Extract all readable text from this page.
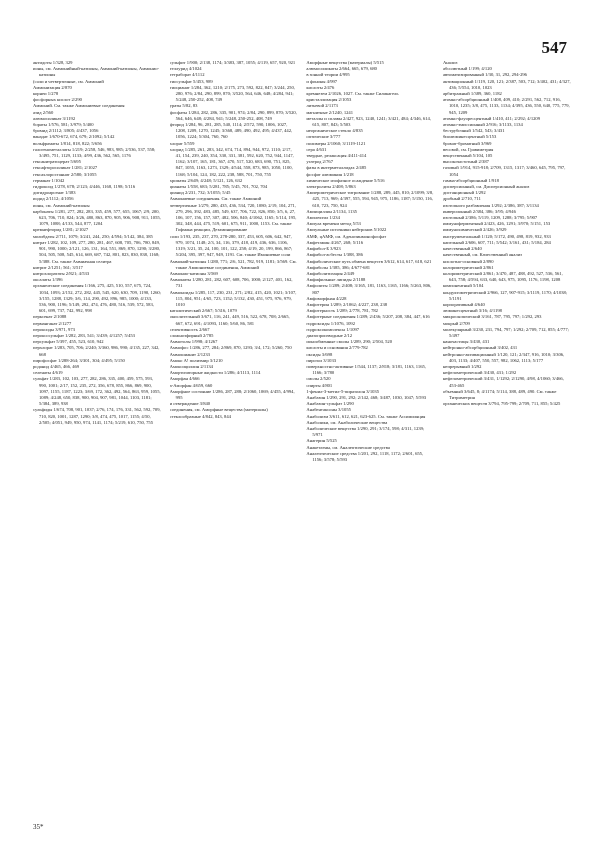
547

антидоты 1/328, 329

ионы, см. Аммонийный-катионы, Аммоний-катионы, Аммонио-катионы

(соли и четвертичные, см. Аммоний

Аммонизация 2/870

корнеи 1/278

фосфорных кислот 2/290

Аммоний. См. также Аммониевые соединения

азид 2/560

алюмосиликат 3/1192

бораты 1/576, 581; 3/979; 5/400

бромид 2/1112; 3/805; 4/437, 1056

ванадат 1/670-672, 674, 679; 2/1092; 5/142

вольфраматы 1/814, 818, 822; 5/656

галогенометаллаты 1/219; 2/258, 546, 983, 985; 2/536, 537, 558; 3/495, 751, 1129, 1133; 4/99, 436, 562, 565, 1176

гексанитратоцерат 5/695

гексафторосиликат 1/281; 2/1027

гексахлоростаннат 2/580; 3/1055

германат 1/1042

гидроксид 1/278, 678; 2/123; 4/446, 1168, 1198; 5/116

дигидроарсенат 1/383

иодид 2/1112; 4/1056

ионы, см. Аммоний-катионы

карбонаты 1/281, 277, 282, 283, 335, 459, 577, 655, 1067; 2/9, 200, 623, 706, 710, 824; 3/26, 480, 863, 870, 905, 906, 908, 911, 1055, 1079, 1088; 4/133, 544, 877, 1204

кремнефторид 1/281; 2/1027

молибдаты 2/711, 1079; 3/241, 244, 250; 4/594; 5/142, 384, 385

нитрат 1/282, 102, 109, 277, 280, 281, 467, 608, 705, 706, 780, 849, 901, 990, 1000; 2/121, 126, 131, 164, 551, 869, 870, 1290; 3/280, 504, 505, 508, 545, 614, 669, 687, 742, 801, 823, 830, 838, 1168; 5/388. См. также Аммиачная селитра

нитрит 2/1251; 561; 3/517

нитрохлорататы 2/821; 4/533

оксалаты 1/396

органические соединения 1/166, 275, 425, 510, 557, 675, 724, 1034, 1093; 2/152, 272, 282, 445, 545, 620, 630, 709, 1190, 1260; 3/155, 1288, 1329; 3/6, 114, 290, 492, 896, 985, 1000; 4/133, 536, 900, 1196; 5/149, 292, 474, 476, 480, 516, 539, 572, 583, 601, 699, 737, 742, 992, 998

перксенат 2/1088

перманганат 2/1277

пероксиды 3/971, 973

пероксосульфат 1/282, 283, 541; 3/439; 4/1257; 5/453

персульфат 5/397, 455, 523, 610, 942

перхлорат 1/283, 705, 706; 2/240; 3/360, 986, 990; 4/135, 227, 342, 668

пирофосфат 1/288-264; 3/301, 304; 4/495; 5/150

роданид 4/465, 466, 469

селенаты 4/619

сульфат 1/283, 102, 103, 277, 282, 286, 335, 400, 459, 575, 593, 990, 1001; 2/17, 152, 235, 272, 356, 678, 855, 866, 869, 900, 1097, 1155, 1187, 1223; 3/69, 172, 362, 492, 564, 863, 959, 1055, 1089; 4/248, 650, 838, 900, 904, 907, 981, 1044, 1103, 1181; 5/384, 389, 938

сульфиды 1/674, 708, 901, 1037; 2/76, 174, 176, 331, 562, 592, 709, 710, 820, 1001, 1287, 1290; 3/8, 474, 475, 1017, 1155; 4/50, 2/505; 4/051, 949, 950, 974, 1141, 1174; 5/219, 610, 750, 755

сульфит 1/900; 2/138, 1174; 3/383, 387, 1055; 4/119, 657, 920, 921

теллурид 4/1024

тетраборат 4/1112

тиосульфат 5/453, 989

тиоцианат 1/284, 362, 1210; 2/175, 273, 592, 822, 847; 3/244, 250, 280, 976; 2/84, 290, 899, 870; 3/520, 564, 646, 648; 4/284, 941; 5/248, 250-252, 408, 749

ураты 5/82, 83

фосфаты 1/284, 282, 286, 335, 901, 974; 2/84, 290, 899, 870; 3/520, 564, 646, 648; 4/284, 941; 5/248, 250-252, 408, 749

фторид 1/284, 96, 281, 285, 540, 1114; 2/572, 590, 1006, 1027, 1208, 1209, 1270, 1245; 3/368, 489, 490, 492, 495; 4/437, 442, 1056, 1224; 5/304, 760, 760

хлорат 5/559

хлорид 1/285, 261, 283, 342, 674, 714, 894, 944, 972, 1110; 2/17, 41, 154, 239, 240, 354, 330, 331, 381, 592, 620, 752, 944, 1147, 1162; 3/107, 165, 181, 367, 470, 517, 520, 683, 690, 751, 825, 847, 1055, 1163, 1273, 1329; 4/544, 558, 873, 985, 1050, 1100, 1168; 5/104, 124, 182, 222, 238, 588, 701, 750, 755

хроматы 2/649; 4/248; 5/121, 126, 632

цианаты 1/558, 683; 5/281, 785; 5/45, 701, 702, 704

цианид 2/231, 732; 3/1055; 5/45

Аммониевые соединения. См. также Аммоний

четвертичные 1/279, 280, 435, 436, 534, 720, 1080; 2/19, 104, 271, 279, 296, 392, 483, 485, 549, 637, 706, 722, 826, 850; 3/5, 6, 27, 106, 107, 156, 157, 307, 482, 506, 840; 4/1062, 1165; 5/114, 195, 302, 348, 444, 475, 519, 601, 675, 911, 1000, 1153. См. также Гофмана реакции, Дезаминирование

соли 1/193, 235, 237, 270, 278-280, 337, 453, 605, 606, 642, 947, 979, 1074, 1148; 2/3, 34, 116, 379, 418, 419, 436, 636, 1106, 1319; 3/21, 35, 24, 100, 101, 122, 258; 4/19, 20, 199, 866, 867; 5/204, 395, 397, 947, 949, 1191. См. также Имониевые соли

Аммоний-катионы 1/280, 771; 2/6, 521, 782, 919, 1181; 3/569. См. также Аммониевые соединения, Аммоний

Аммонио-катионы 3/569

Аммониты 1/280, 281, 282, 607, 608, 706, 1000; 2/127, 401, 162, 731

Аммоноиды 1/285, 117, 230, 231, 271; 2/82, 415, 420, 1021; 3/107, 115, 804, 951; 4/65, 723, 1152; 5/132, 430, 451, 975, 976, 979, 1010

каталитический 2/667; 5/316, 1079

окислительный 3/671, 116, 241, 449, 516, 522, 678, 708; 2/665, 667, 672, 691; 4/1093, 1160; 5/60, 86, 581

селективность 2/667

сложноэфирный 2/785

Аммотолы 1/998; 4/1267

Аммофос 1/286, 277, 284; 2/869, 870, 1293; 3/4, 172; 5/260, 750

Аммошианит 2/1233

Амоко А! полиэмир 3/1210

Амоксициллин 2/1134

Амортизаторные жидкости 1/286; 4/1113, 1114

Аморфан 4/666

а-Аморфан 4/659, 660

Аморфное состояние 1/286, 287, 288; 2/1060, 1069; 4/455, 4/994, 995

и отверждение 3/840

соединения, см. Аморфные вещества (материалы)

стеклообразные 4/842, 843, 844

Аморфные вещества (материалы) 5/515

алюмосиликаты 2/664, 665, 679, 680

в зонной теории 4/995

и фононы 4/997

кислоты 2/476

кремнезем 2/1026, 1027. См. также Силикагель

кристаллизация 2/1053

литьевой 2/1173

магнитные 2/1240, 1241

металлы и сплавы 2/427, 923, 1240, 1241; 3/421, 484; 4/346, 614, 615, 807, 843; 5/503

неорганическое стекло 4/835

оптические 3/777

полимеры 2/1060; 3/1119-1121

сера 4/631

твердые, релаксация 4/411-414

углерод 2/767

фазы в интерметаллидах 2/485

фосфат алюминия 1/218

химическое изофазное осаждение 5/516

электролиты 2/408; 5/863

Амперометрическое титрование 1/288, 289, 445, 810; 2/1099; 3/8, 425, 713, 969; 4/397, 555, 594, 945, 975, 1186, 1187; 5/150, 116, 610, 723, 750, 924

Ампициллин 2/1134, 1135

Амплектил 1/234

Ампула времени метод 5/53

Ампульные источники нейтронов 5/1022

АМФ, цАМФ, см. Аденозинмонофосфат

Амфетамин 4/267, 268; 5/116

Амфибол-Б 3/923

Амфибол-асбесты 1/388, 386

Амфиболические путь обмена веществ 3/612, 614, 617, 618, 621

Амфиболы 1/385, 386; 4/677-681

Амфиболитизация 2/449

Амфифильные липиды 2/1188

Амфолиты 1/289; 2/408; 3/165, 181, 1163, 1165, 1166; 5/263, 806, 807

Амфоморфная 4/228

Амфотерин 1/289; 2/1062; 4/227, 238, 238

Амфотерность 1/289; 2/778, 781, 782

Амфотерные соединения 1/289; 2/436; 5/207, 208, 384, 447, 616

гидроксиды 1/1076, 1092

гидроксокомплексы 1/1097

диазопроизводные 2/12

ионообменные смолы 1/289, 290; 2/504, 520

кислоты и основания 2/779-782

оксиды 3/698

пирозол 3/1033

поверхностно-активные 1/544, 1137; 2/818; 3/181, 1163, 1165, 1166; 3/780

смолы 2/520

спирты 4/801

1-фенил-3-метил-5-пиразолон 3/1035

Анабазин 1/290, 291, 292; 2/142, 468; 3/487, 1030, 1047; 5/593

Анабазин-сульфат 1/290

Анабентаксоны 3/1055

Анаболизм 3/611, 612, 621, 623-625. См. также Ассимиляция

Анаболики, см. Анаболические вещества

Анаболические вещества 1/290, 291; 3/174, 598; 4/311, 1239; 5/971

Анагерин 5/525

Анакетлены, см. Аналептические средства

Аналептические средства 1/201, 292, 1118, 1172; 2/601, 655, 1156; 3/578; 5/593

Анализ

абсолютный 1/199; 4/120

автоматизированный 1/30, 31, 292, 294-296

активационный 1/119, 120, 121; 2/387, 503, 712; 3/402, 431; 4/327, 436; 5/554, 1010, 1023

арбитражный 1/389, 360, 1182

атомно-абсорбционный 1/408, 409, 410; 2/291, 562, 712, 916, 1010, 1235; 3/8, 475, 1133, 1134; 4/395, 436, 550, 640, 775, 779, 945, 1209

атомно-флуоресцентный 1/410, 411; 2/292; 4/1209

атомно-эмиссионный 2/916; 3/1133, 1134

беструбочный 1/542, 543; 3/431

биолюминесцентный 5/153

бромат-броматный 3/969

весовой, см. Гравиметрия

вещественный 5/104, 105

высокочастотный 2/387

газовый 1/914, 915-918; 2/709, 1315, 1317; 3/460, 645, 795, 797, 1054

гамма-абсорбционный 1/918

дисперсионный, см. Дисперсионный анализ

дистанционный 1/292

дробный 2/710, 711

изотопного разбавления 1/292; 2/386, 387; 3/1134

инверсионный 2/384, 386; 3/95; 4/946

изотопный 2/386; 5/119, 1209, 1288; 3/795; 5/907

иммуноферментный 2/423, 426, 1291; 3/970; 5/151, 153

иммунохимический 2/426; 3/929

инструментальный 1/120; 5/172, 490, 498, 819, 932, 933

капельный 2/606, 607, 711; 5/542; 3/161, 431; 5/184, 284

качественный 2/640

качественный, см. Качественный анализ

кислотно-основный 2/890

колориметрический 2/861

колориметрический 2/861; 3/470, 487, 488, 492, 527, 536, 561, 643, 758; 4/594, 633, 640, 643, 975, 1095, 1176, 1198, 1208

компонентный 5/104

кондуктометрический 2/966, 127, 907-915; 3/1119, 1170; 4/1038; 5/1191

корпоративный 4/640

люминесцентный 3/16; 4/1198

микроскопический 3/161, 787, 795, 797; 1/292, 293

мокрый 2/709

молекулярный 3/230, 231, 794, 797; 1/292; 2/709, 712, 855; 4/777; 5/497

наночастицы 3/430, 431

нейтронно-абсорбционный 3/402, 431

нейтронно-активационный 1/120, 121; 2/347, 916, 1010; 3/306, 403, 1133; 4/407, 550, 557, 982, 1062, 1113; 5/177

непрерывный 1/292

нефелометрический 3/430, 431; 1/292

нефелометрический 3/431, 1/1292; 2/1290, 4/98, 4/1060; 3/466, 453-465

объемный 3/645, 8; 4/1174; 5/114, 388, 489, 490. См. также Титриметрия

органических веществ 3/794, 795-799; 2/709, 711, 855; 5/425

35*
